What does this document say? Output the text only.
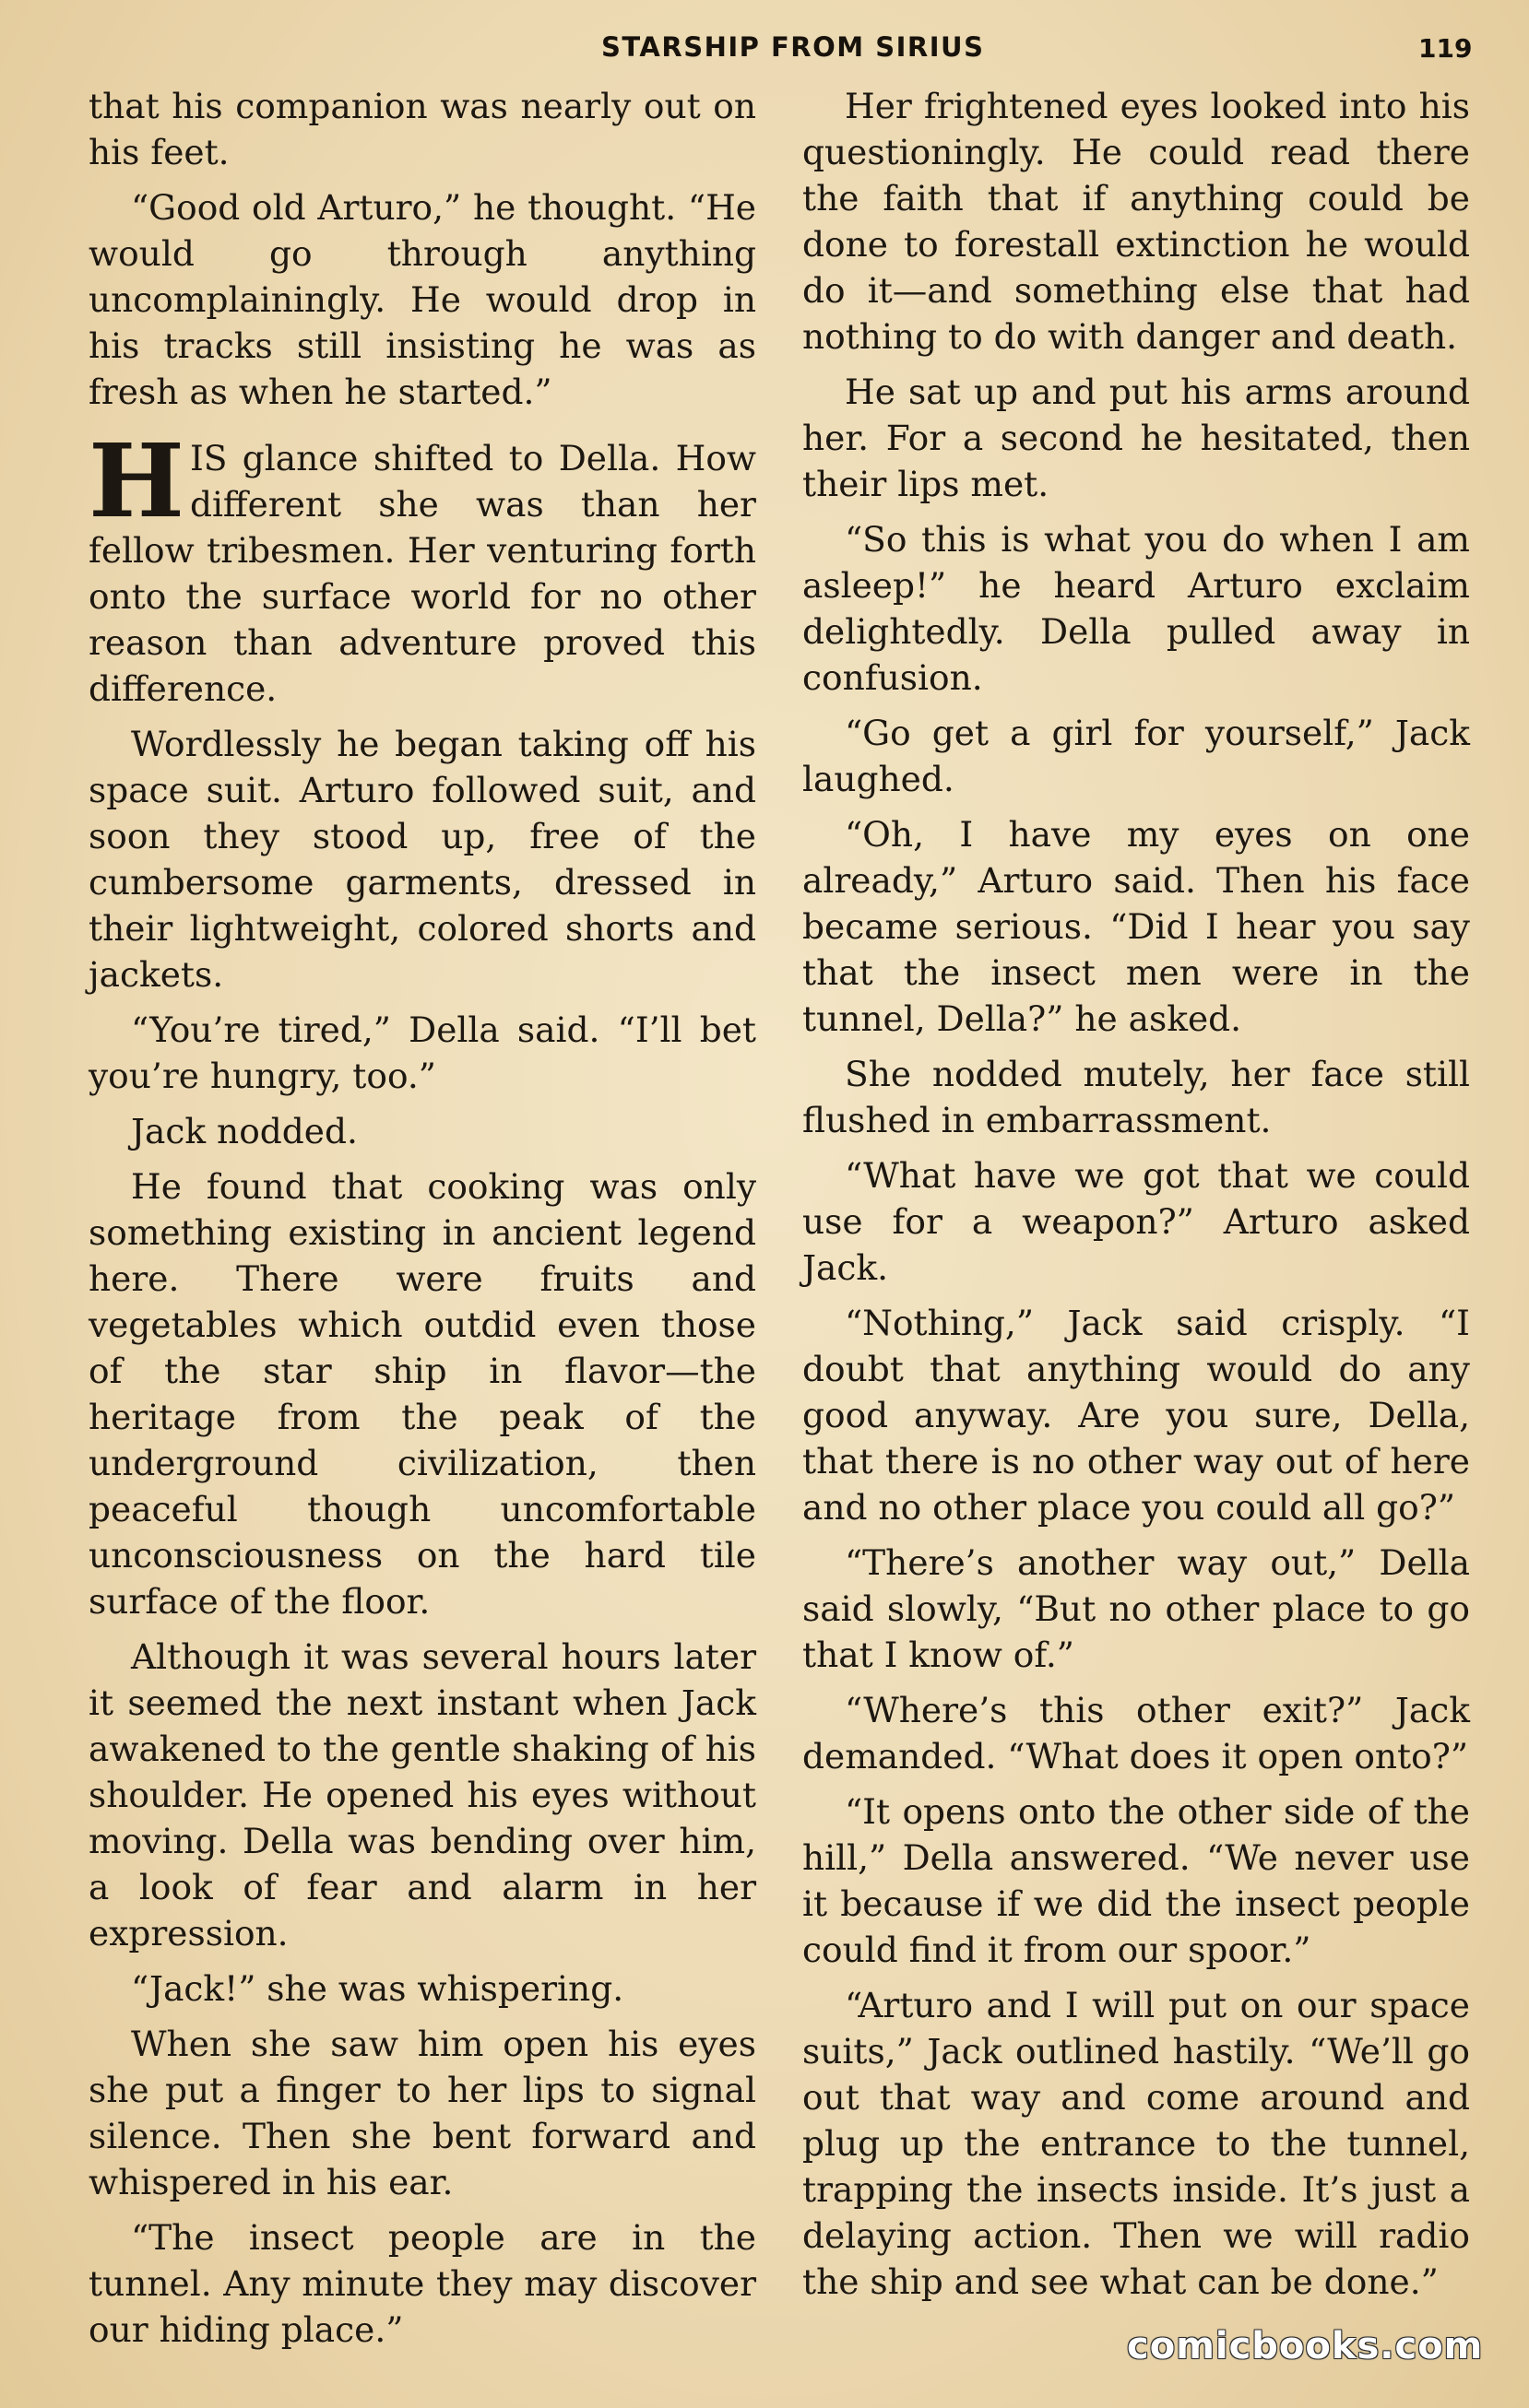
STARSHIP FROM SIRIUS	119

that his companion was nearly out on his feet.

“Good old Arturo,” he thought. “He would go through anything uncomplainingly. He would drop in his tracks still insisting he was as fresh as when he started.”

HIS glance shifted to Della. How different she was than her fellow tribesmen. Her venturing forth onto the surface world for no other reason than adventure proved this difference.

Wordlessly he began taking off his space suit. Arturo followed suit, and soon they stood up, free of the cumbersome garments, dressed in their lightweight, colored shorts and jackets.

“You’re tired,” Della said. “I’ll bet you’re hungry, too.”

Jack nodded.

He found that cooking was only something existing in ancient legend here. There were fruits and vegetables which outdid even those of the star ship in flavor—the heritage from the peak of the underground civilization, then peaceful though uncomfortable unconsciousness on the hard tile surface of the floor.

Although it was several hours later it seemed the next instant when Jack awakened to the gentle shaking of his shoulder. He opened his eyes without moving. Della was bending over him, a look of fear and alarm in her expression.

“Jack!” she was whispering.

When she saw him open his eyes she put a finger to her lips to signal silence. Then she bent forward and whispered in his ear.

“The insect people are in the tunnel. Any minute they may discover our hiding place.”

Her frightened eyes looked into his questioningly. He could read there the faith that if anything could be done to forestall extinction he would do it—and something else that had nothing to do with danger and death.

He sat up and put his arms around her. For a second he hesitated, then their lips met.

“So this is what you do when I am asleep!” he heard Arturo exclaim delightedly. Della pulled away in confusion.

“Go get a girl for yourself,” Jack laughed.

“Oh, I have my eyes on one already,” Arturo said. Then his face became serious. “Did I hear you say that the insect men were in the tunnel, Della?” he asked.

She nodded mutely, her face still flushed in embarrassment.

“What have we got that we could use for a weapon?” Arturo asked Jack.

“Nothing,” Jack said crisply. “I doubt that anything would do any good anyway. Are you sure, Della, that there is no other way out of here and no other place you could all go?”

“There’s another way out,” Della said slowly, “But no other place to go that I know of.”

“Where’s this other exit?” Jack demanded. “What does it open onto?”

“It opens onto the other side of the hill,” Della answered. “We never use it because if we did the insect people could find it from our spoor.”

“Arturo and I will put on our space suits,” Jack outlined hastily. “We’ll go out that way and come around and plug up the entrance to the tunnel, trapping the insects inside. It’s just a delaying action. Then we will radio the ship and see what can be done.”

comicbooks.com
